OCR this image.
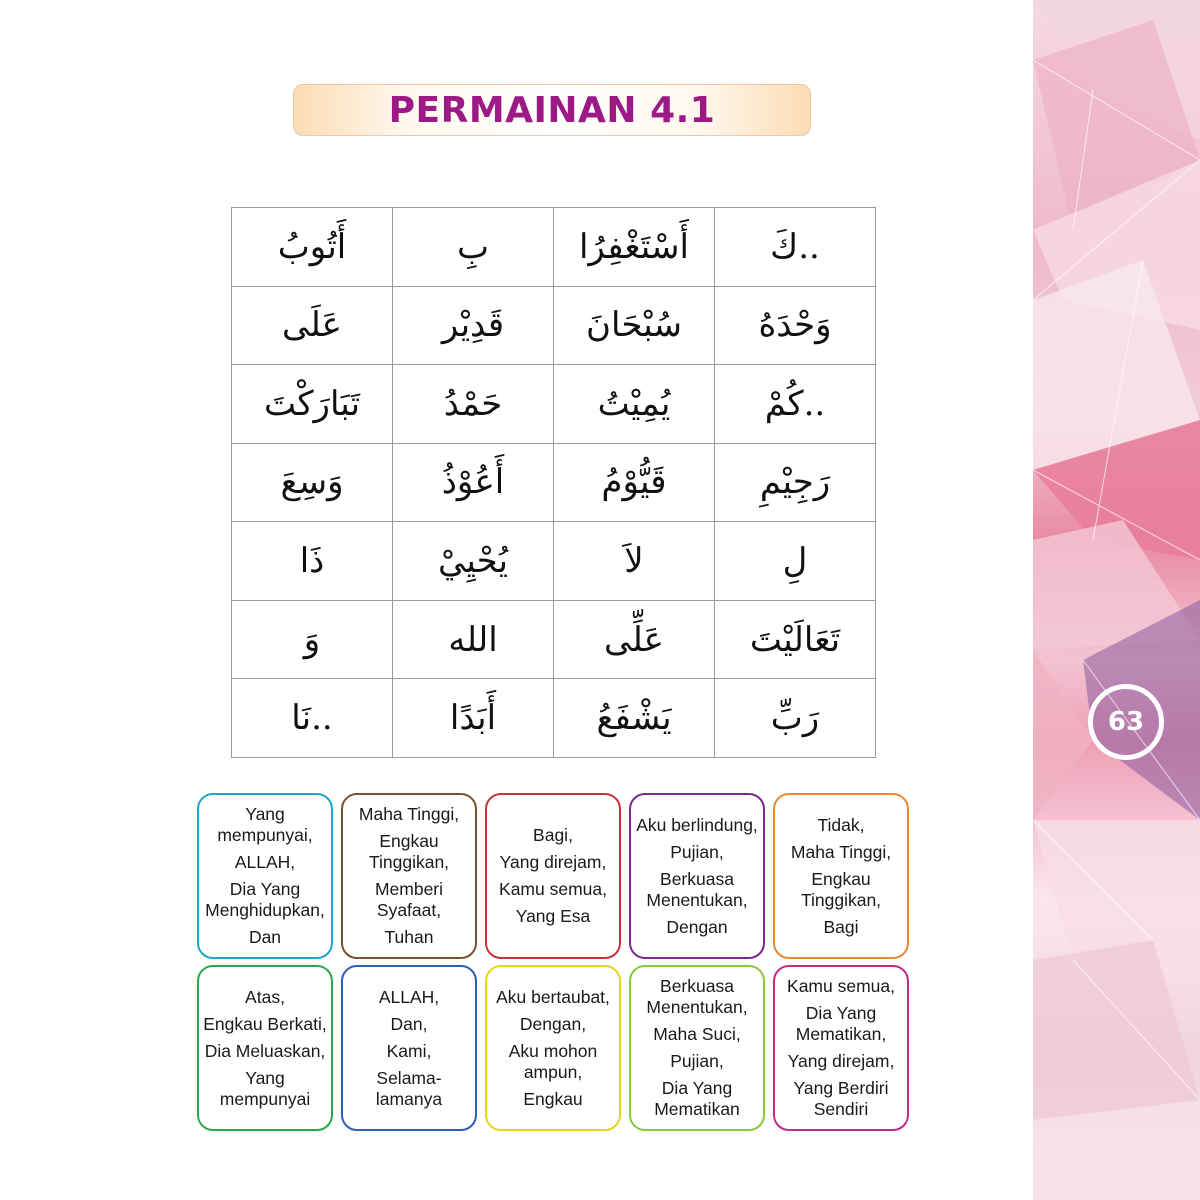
63
PERMAINAN 4.1
أَتُوبُ	بِ	أَسْتَغْفِرُا	..كَ
عَلَى	قَدِيْر	سُبْحَانَ	وَحْدَهُ
تَبَارَكْتَ	حَمْدُ	يُمِيْتُ	..كُمْ
وَسِعَ	أَعُوْذُ	قَيُّوْمُ	رَجِيْمِ
ذَا	يُحْيِيْ	لاَ	لِ
وَ	الله	عَلِّى	تَعَالَيْتَ
..نَا	أَبَدًا	يَشْفَعُ	رَبِّ
Yang mempunyai,
ALLAH,
Dia Yang Menghidupkan,
Dan
Maha Tinggi,
Engkau Tinggikan,
Memberi Syafaat,
Tuhan
Bagi,
Yang direjam,
Kamu semua,
Yang Esa
Aku berlindung,
Pujian,
Berkuasa Menentukan,
Dengan
Tidak,
Maha Tinggi,
Engkau Tinggikan,
Bagi
Atas,
Engkau Berkati,
Dia Meluaskan,
Yang mempunyai
ALLAH,
Dan,
Kami,
Selama-lamanya
Aku bertaubat,
Dengan,
Aku mohon ampun,
Engkau
Berkuasa Menentukan,
Maha Suci,
Pujian,
Dia Yang Mematikan
Kamu semua,
Dia Yang Mematikan,
Yang direjam,
Yang Berdiri Sendiri
